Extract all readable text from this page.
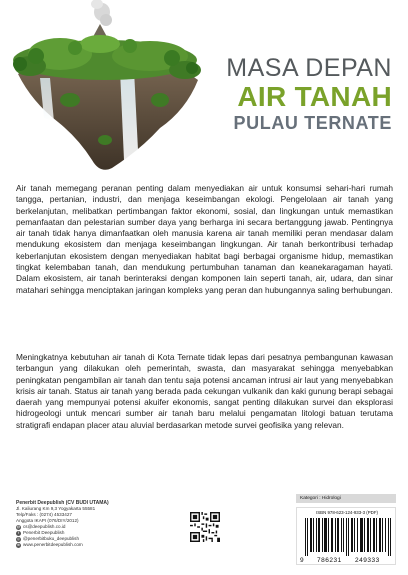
MASA DEPAN
AIR TANAH
PULAU TERNATE

Air tanah memegang peranan penting dalam menyediakan air untuk konsumsi sehari-hari rumah tangga, pertanian, industri, dan menjaga keseimbangan ekologi. Pengelolaan air tanah yang berkelanjutan, melibatkan pertimbangan faktor ekonomi, sosial, dan lingkungan untuk memastikan pemanfaatan dan pelestarian sumber daya yang berharga ini secara bertanggung jawab. Pentingnya air tanah tidak hanya dimanfaatkan oleh manusia karena air tanah memiliki peran mendasar dalam mendukung ekosistem dan menjaga keseimbangan lingkungan. Air tanah berkontribusi terhadap keberlanjutan ekosistem dengan menyediakan habitat bagi berbagai organisme hidup, memastikan tingkat kelembaban tanah, dan mendukung pertumbuhan tanaman dan keanekaragaman hayati. Dalam ekosistem, air tanah berinteraksi dengan komponen lain seperti tanah, air, udara, dan sinar matahari sehingga menciptakan jaringan kompleks yang peran dan hubungannya saling berhubungan.

Meningkatnya kebutuhan air tanah di Kota Ternate tidak lepas dari pesatnya pembangunan kawasan terbangun yang dilakukan oleh pemerintah, swasta, dan masyarakat sehingga menyebabkan peningkatan pengambilan air tanah dan tentu saja potensi ancaman intrusi air laut yang menyebabkan krisis air tanah. Status air tanah yang berada pada cekungan vulkanik dan kaki gunung berapi sebagai daerah yang mempunyai potensi akuifer ekonomis, sangat penting dilakukan survei dan eksplorasi hidrogeologi untuk mencari sumber air tanah baru melalui pengamatan litologi batuan terutama stratigrafi endapan placer atau aluvial berdasarkan metode survei geofisika yang relevan.

Penerbit Deepublish (CV BUDI UTAMA)
Jl. Kaliurang Km 9,3 Yogyakarta 55581
Telp/Faks : (0274) 4533427
Anggota IKAPI (076/DIY/2012)
@ cs@deepublish.co.id
f Penerbit Deepublish
◎ @penerbitbuku_deepublish
⊕ www.penerbitdeepublish.com
Kategori : Hidrologi
ISBN 978-623-124-933-3 (PDF)
9 786231 249333
